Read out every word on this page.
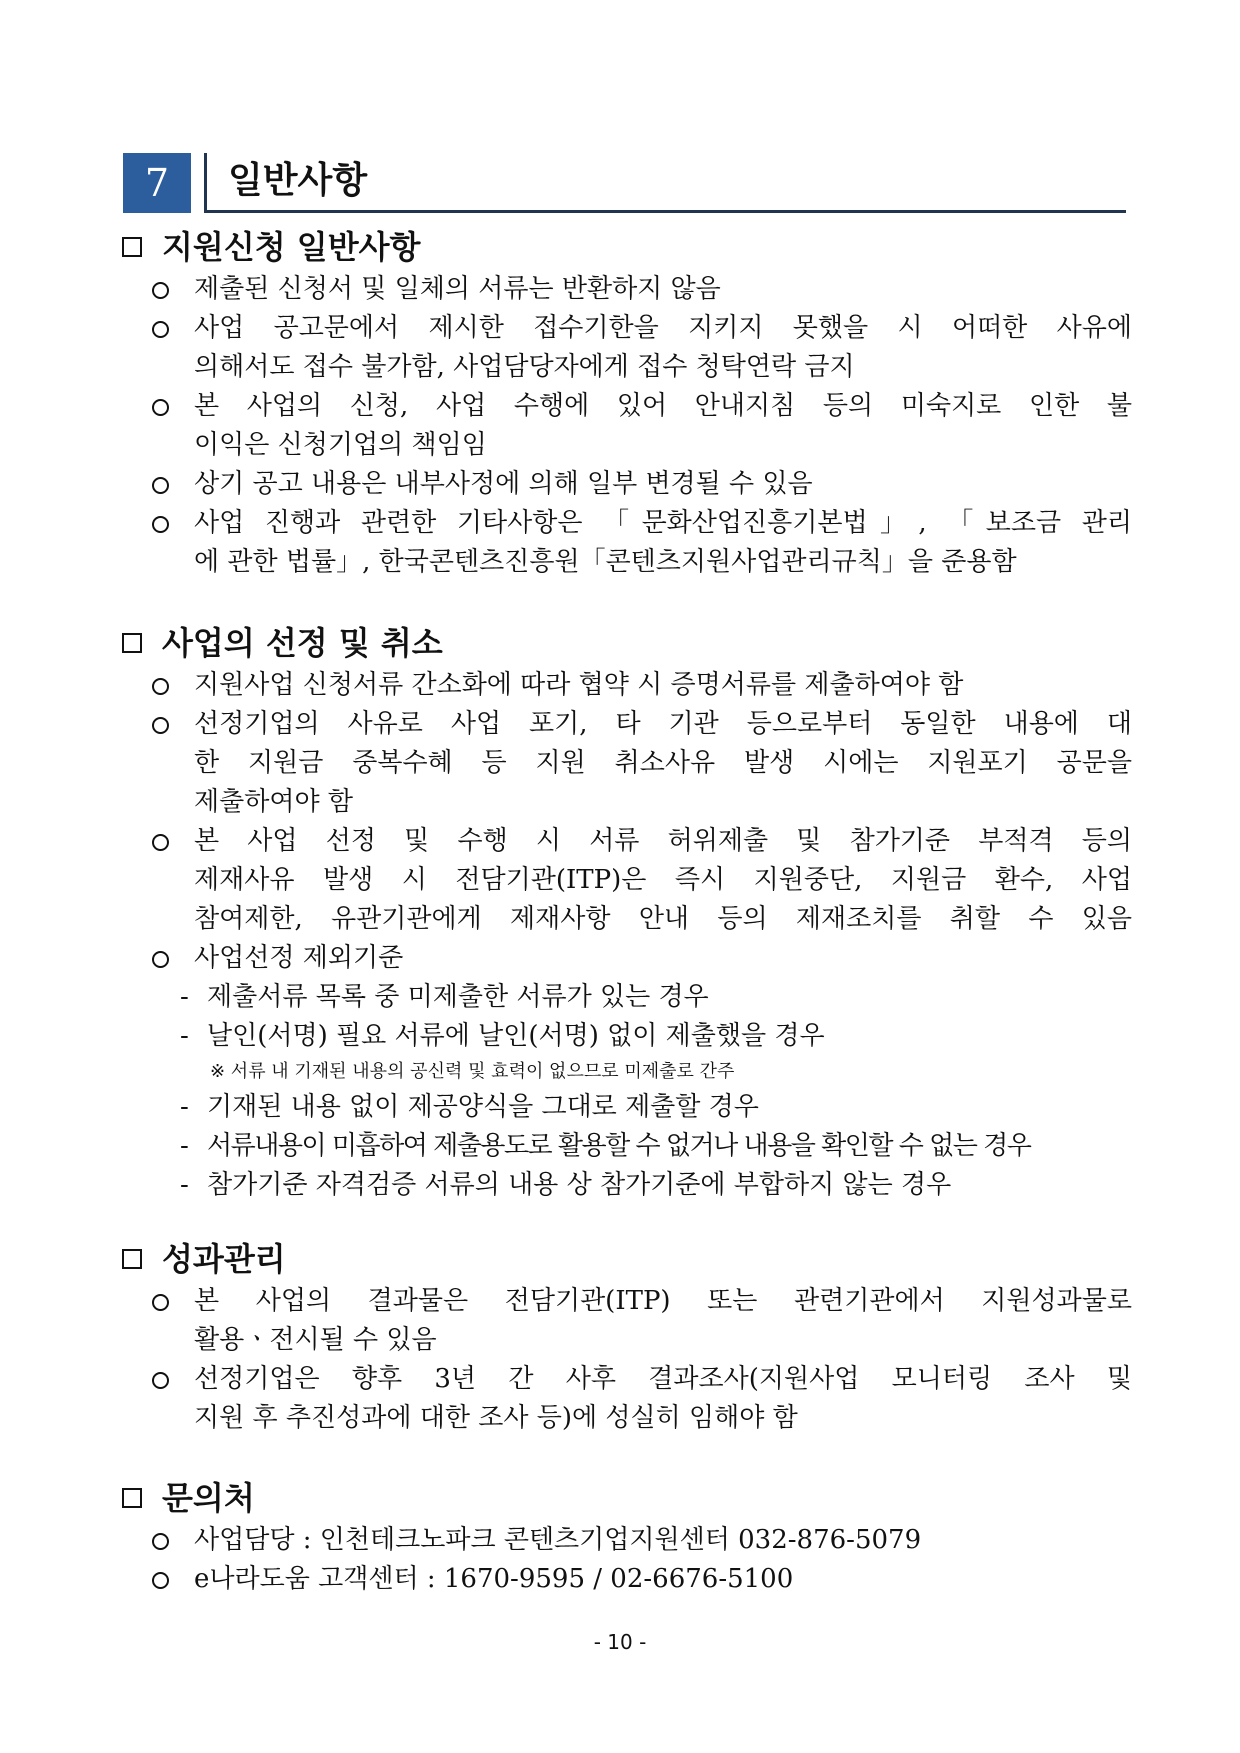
7	일반사항
지원신청 일반사항
제출된 신청서 및 일체의 서류는 반환하지 않음
사업 공고문에서 제시한 접수기한을 지키지 못했을 시 어떠한 사유에
의해서도 접수 불가함, 사업담당자에게 접수 청탁연락 금지
본 사업의 신청, 사업 수행에 있어 안내지침 등의 미숙지로 인한 불
이익은 신청기업의 책임임
상기 공고 내용은 내부사정에 의해 일부 변경될 수 있음
사업 진행과 관련한 기타사항은 「문화산업진흥기본법」, 「보조금 관리
에 관한 법률」, 한국콘텐츠진흥원「콘텐츠지원사업관리규칙」을 준용함
사업의 선정 및 취소
지원사업 신청서류 간소화에 따라 협약 시 증명서류를 제출하여야 함
선정기업의 사유로 사업 포기, 타 기관 등으로부터 동일한 내용에 대
한 지원금 중복수혜 등 지원 취소사유 발생 시에는 지원포기 공문을
제출하여야 함
본 사업 선정 및 수행 시 서류 허위제출 및 참가기준 부적격 등의
제재사유 발생 시 전담기관(ITP)은 즉시 지원중단, 지원금 환수, 사업
참여제한, 유관기관에게 제재사항 안내 등의 제재조치를 취할 수 있음
사업선정 제외기준
- 제출서류 목록 중 미제출한 서류가 있는 경우
- 날인(서명) 필요 서류에 날인(서명) 없이 제출했을 경우
※ 서류 내 기재된 내용의 공신력 및 효력이 없으므로 미제출로 간주
- 기재된 내용 없이 제공양식을 그대로 제출할 경우
- 서류내용이 미흡하여 제출용도로 활용할 수 없거나 내용을 확인할 수 없는 경우
- 참가기준 자격검증 서류의 내용 상 참가기준에 부합하지 않는 경우
성과관리
본 사업의 결과물은 전담기관(ITP) 또는 관련기관에서 지원성과물로
활용ㆍ전시될 수 있음
선정기업은 향후 3년 간 사후 결과조사(지원사업 모니터링 조사 및
지원 후 추진성과에 대한 조사 등)에 성실히 임해야 함
문의처
사업담당 : 인천테크노파크 콘텐츠기업지원센터 032-876-5079
e나라도움 고객센터 : 1670-9595 / 02-6676-5100
- 10 -
